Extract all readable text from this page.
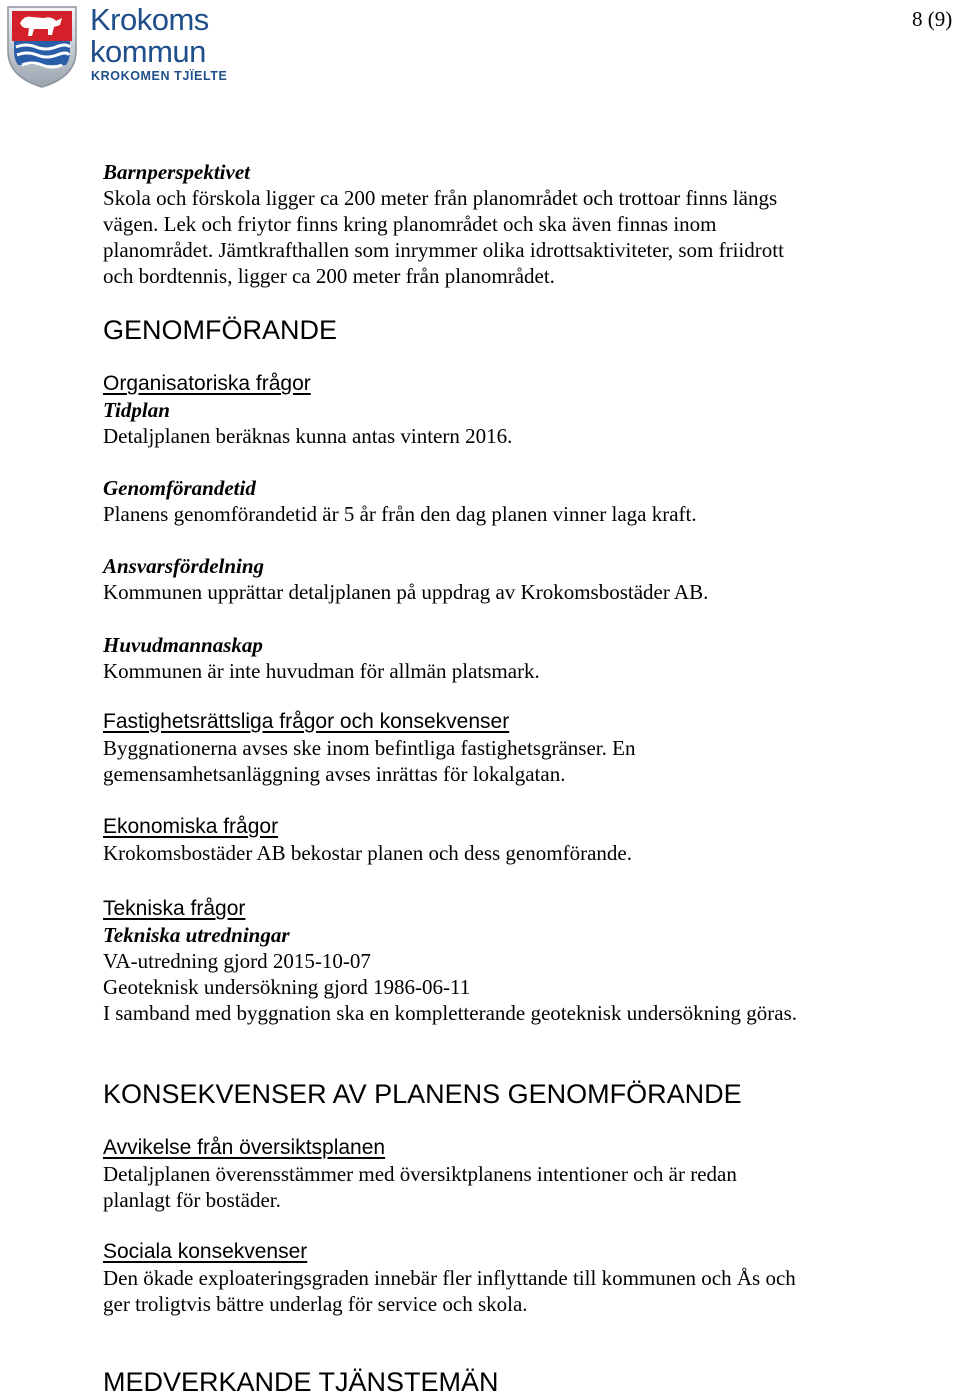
Krokoms
kommun
KROKOMEN TJÏELTE
8 (9)
Barnperspektivet
Skola och förskola ligger ca 200 meter från planområdet och trottoar finns längs
vägen. Lek och friytor finns kring planområdet och ska även finnas inom
planområdet. Jämtkrafthallen som inrymmer olika idrottsaktiviteter, som friidrott
och bordtennis, ligger ca 200 meter från planområdet.
GENOMFÖRANDE
Organisatoriska frågor
Tidplan
Detaljplanen beräknas kunna antas vintern 2016.
Genomförandetid
Planens genomförandetid är 5 år från den dag planen vinner laga kraft.
Ansvarsfördelning
Kommunen upprättar detaljplanen på uppdrag av Krokomsbostäder AB.
Huvudmannaskap
Kommunen är inte huvudman för allmän platsmark.
Fastighetsrättsliga frågor och konsekvenser
Byggnationerna avses ske inom befintliga fastighetsgränser. En
gemensamhetsanläggning avses inrättas för lokalgatan.
Ekonomiska frågor
Krokomsbostäder AB bekostar planen och dess genomförande.
Tekniska frågor
Tekniska utredningar
VA-utredning gjord 2015-10-07
Geoteknisk undersökning gjord 1986-06-11
I samband med byggnation ska en kompletterande geoteknisk undersökning göras.
KONSEKVENSER AV PLANENS GENOMFÖRANDE
Avvikelse från översiktsplanen
Detaljplanen överensstämmer med översiktplanens intentioner och är redan
planlagt för bostäder.
Sociala konsekvenser
Den ökade exploateringsgraden innebär fler inflyttande till kommunen och Ås och
ger troligtvis bättre underlag för service och skola.
MEDVERKANDE TJÄNSTEMÄN
